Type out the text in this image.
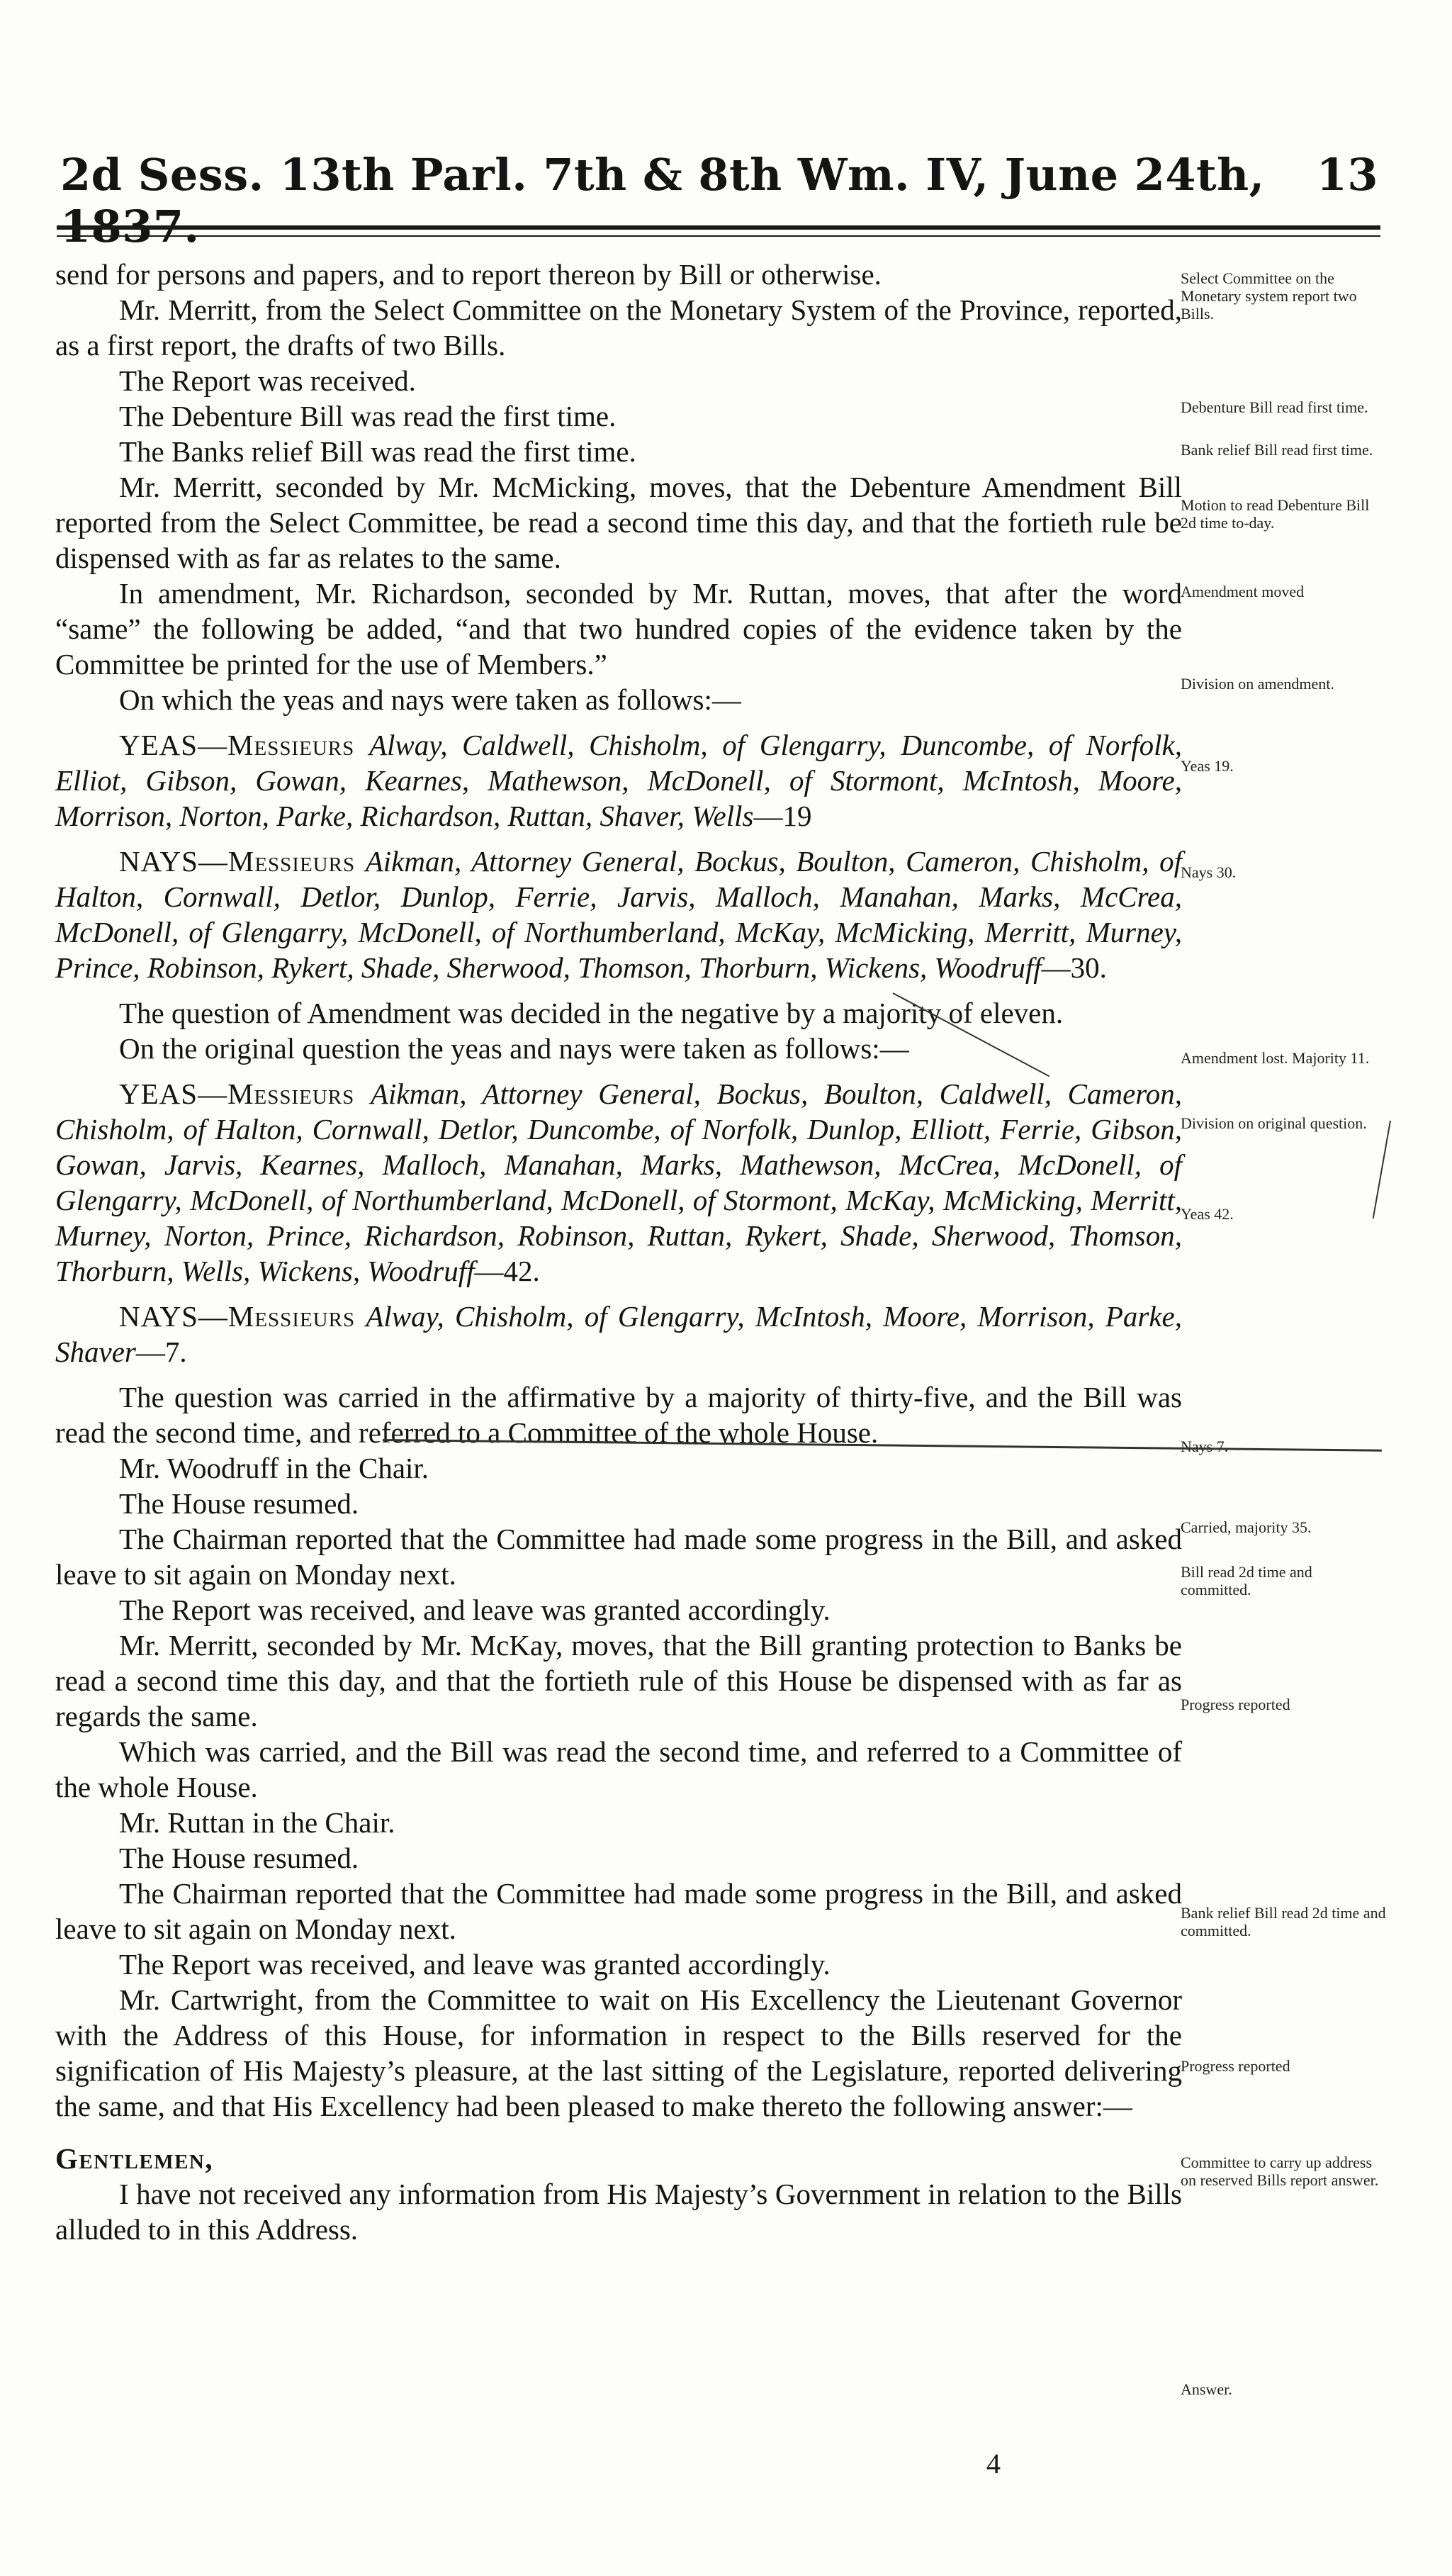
2d Sess. 13th Parl. 7th & 8th Wm. IV, June 24th, 1837.
13

send for persons and papers, and to report thereon by Bill or otherwise.

Mr. Merritt, from the Select Committee on the Monetary System of the Province, reported, as a first report, the drafts of two Bills.

The Report was received.

The Debenture Bill was read the first time.

The Banks relief Bill was read the first time.

Mr. Merritt, seconded by Mr. McMicking, moves, that the Debenture Amendment Bill reported from the Select Committee, be read a second time this day, and that the fortieth rule be dispensed with as far as relates to the same.

In amendment, Mr. Richardson, seconded by Mr. Ruttan, moves, that after the word “same” the following be added, “and that two hundred copies of the evidence taken by the Committee be printed for the use of Members.”

On which the yeas and nays were taken as follows:—

YEAS—Messieurs Alway, Caldwell, Chisholm, of Glengarry, Duncombe, of Norfolk, Elliot, Gibson, Gowan, Kearnes, Mathewson, McDonell, of Stormont, McIntosh, Moore, Morrison, Norton, Parke, Richardson, Ruttan, Shaver, Wells—19

NAYS—Messieurs Aikman, Attorney General, Bockus, Boulton, Cameron, Chisholm, of Halton, Cornwall, Detlor, Dunlop, Ferrie, Jarvis, Malloch, Manahan, Marks, McCrea, McDonell, of Glengarry, McDonell, of Northumberland, McKay, McMicking, Merritt, Murney, Prince, Robinson, Rykert, Shade, Sherwood, Thomson, Thorburn, Wickens, Woodruff—30.

The question of Amendment was decided in the negative by a majority of eleven.

On the original question the yeas and nays were taken as follows:—

YEAS—Messieurs Aikman, Attorney General, Bockus, Boulton, Caldwell, Cameron, Chisholm, of Halton, Cornwall, Detlor, Duncombe, of Norfolk, Dunlop, Elliott, Ferrie, Gibson, Gowan, Jarvis, Kearnes, Malloch, Manahan, Marks, Mathewson, McCrea, McDonell, of Glengarry, McDonell, of Northumberland, McDonell, of Stormont, McKay, McMicking, Merritt, Murney, Norton, Prince, Richardson, Robinson, Ruttan, Rykert, Shade, Sherwood, Thomson, Thorburn, Wells, Wickens, Woodruff—42.

NAYS—Messieurs Alway, Chisholm, of Glengarry, McIntosh, Moore, Morrison, Parke, Shaver—7.

The question was carried in the affirmative by a majority of thirty-five, and the Bill was read the second time, and referred to a Committee of the whole House.

Mr. Woodruff in the Chair.

The House resumed.

The Chairman reported that the Committee had made some progress in the Bill, and asked leave to sit again on Monday next.

The Report was received, and leave was granted accordingly.

Mr. Merritt, seconded by Mr. McKay, moves, that the Bill granting protection to Banks be read a second time this day, and that the fortieth rule of this House be dispensed with as far as regards the same.

Which was carried, and the Bill was read the second time, and referred to a Committee of the whole House.

Mr. Ruttan in the Chair.

The House resumed.

The Chairman reported that the Committee had made some progress in the Bill, and asked leave to sit again on Monday next.

The Report was received, and leave was granted accordingly.

Mr. Cartwright, from the Committee to wait on His Excellency the Lieutenant Governor with the Address of this House, for information in respect to the Bills reserved for the signification of His Majesty’s pleasure, at the last sitting of the Legislature, reported delivering the same, and that His Excellency had been pleased to make thereto the following answer:—

Gentlemen,

I have not received any information from His Majesty’s Government in relation to the Bills alluded to in this Address.

Select Committee on the Monetary system report two Bills.
Debenture Bill read first time.
Bank relief Bill read first time.
Motion to read Debenture Bill 2d time to-day.
Amendment moved
Division on amendment.
Yeas 19.
Nays 30.
Amendment lost. Majority 11.
Division on original question.
Yeas 42.
Nays 7.
Carried, majority 35.
Bill read 2d time and committed.
Progress reported
Bank relief Bill read 2d time and committed.
Progress reported
Committee to carry up address on reserved Bills report answer.
Answer.
4
